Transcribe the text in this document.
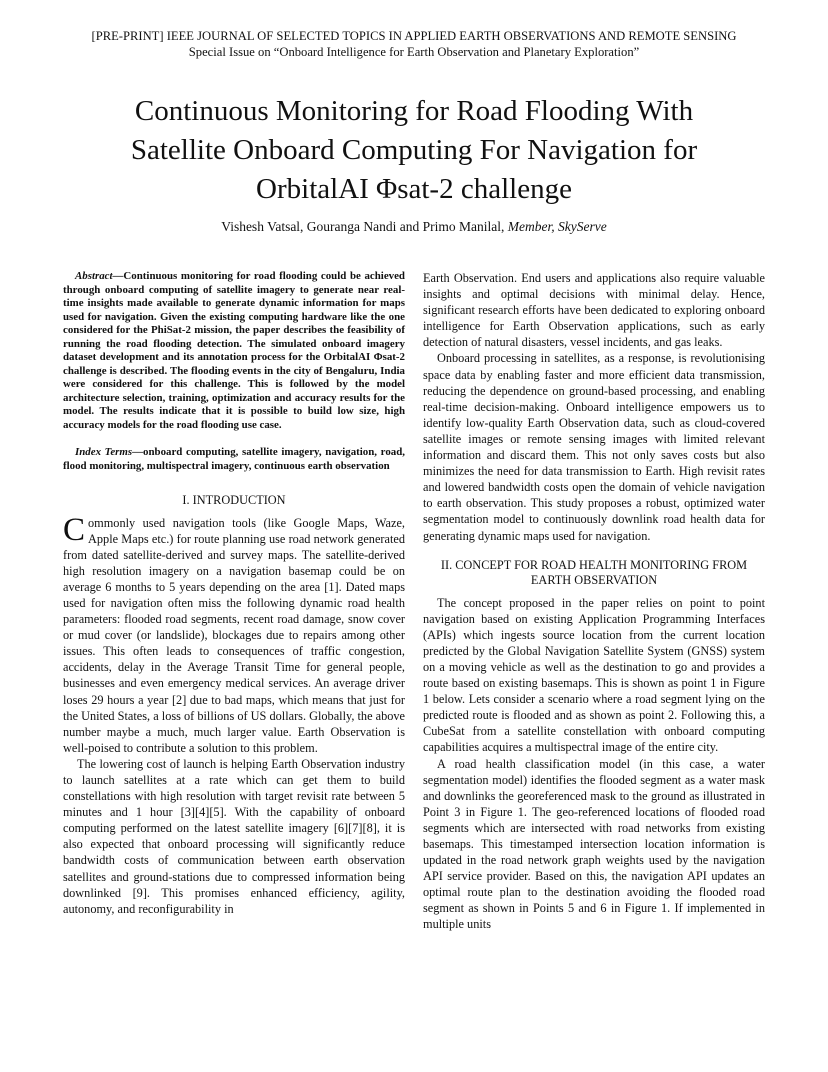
[PRE-PRINT] IEEE JOURNAL OF SELECTED TOPICS IN APPLIED EARTH OBSERVATIONS AND REMOTE SENSING
Special Issue on “Onboard Intelligence for Earth Observation and Planetary Exploration”
Continuous Monitoring for Road Flooding With
Satellite Onboard Computing For Navigation for
OrbitalAI Φsat-2 challenge
Vishesh Vatsal, Gouranga Nandi and Primo Manilal, Member, SkyServe

Abstract—Continuous monitoring for road flooding could be achieved through onboard computing of satellite imagery to generate near real-time insights made available to generate dynamic information for maps used for navigation. Given the existing computing hardware like the one considered for the PhiSat-2 mission, the paper describes the feasibility of running the road flooding detection. The simulated onboard imagery dataset development and its annotation process for the OrbitalAI Φsat-2 challenge is described. The flooding events in the city of Bengaluru, India were considered for this challenge. This is followed by the model architecture selection, training, optimization and accuracy results for the model. The results indicate that it is possible to build low size, high accuracy models for the road flooding use case.

Index Terms—onboard computing, satellite imagery, navigation, road, flood monitoring, multispectral imagery, continuous earth observation

I. INTRODUCTION

Commonly used navigation tools (like Google Maps, Waze, Apple Maps etc.) for route planning use road network generated from dated satellite-derived and survey maps. The satellite-derived high resolution imagery on a navigation basemap could be on average 6 months to 5 years depending on the area [1]. Dated maps used for navigation often miss the following dynamic road health parameters: flooded road segments, recent road damage, snow cover or mud cover (or landslide), blockages due to repairs among other issues. This often leads to consequences of traffic congestion, accidents, delay in the Average Transit Time for general people, businesses and even emergency medical services. An average driver loses 29 hours a year [2] due to bad maps, which means that just for the United States, a loss of billions of US dollars. Globally, the above number maybe a much, much larger value. Earth Observation is well-poised to contribute a solution to this problem.

The lowering cost of launch is helping Earth Observation industry to launch satellites at a rate which can get them to build constellations with high resolution with target revisit rate between 5 minutes and 1 hour [3][4][5]. With the capability of onboard computing performed on the latest satellite imagery [6][7][8], it is also expected that onboard processing will significantly reduce bandwidth costs of communication between earth observation satellites and ground-stations due to compressed information being downlinked [9]. This promises enhanced efficiency, agility, autonomy, and reconfigurability in

Earth Observation. End users and applications also require valuable insights and optimal decisions with minimal delay. Hence, significant research efforts have been dedicated to exploring onboard intelligence for Earth Observation applications, such as early detection of natural disasters, vessel incidents, and gas leaks.

Onboard processing in satellites, as a response, is revolutionising space data by enabling faster and more efficient data transmission, reducing the dependence on ground-based processing, and enabling real-time decision-making. Onboard intelligence empowers us to identify low-quality Earth Observation data, such as cloud-covered satellite images or remote sensing images with limited relevant information and discard them. This not only saves costs but also minimizes the need for data transmission to Earth. High revisit rates and lowered bandwidth costs open the domain of vehicle navigation to earth observation. This study proposes a robust, optimized water segmentation model to continuously downlink road health data for generating dynamic maps used for navigation.

II. CONCEPT FOR ROAD HEALTH MONITORING FROM
EARTH OBSERVATION

The concept proposed in the paper relies on point to point navigation based on existing Application Programming Interfaces (APIs) which ingests source location from the current location predicted by the Global Navigation Satellite System (GNSS) system on a moving vehicle as well as the destination to go and provides a route based on existing basemaps. This is shown as point 1 in Figure 1 below. Lets consider a scenario where a road segment lying on the predicted route is flooded and as shown as point 2. Following this, a CubeSat from a satellite constellation with onboard computing capabilities acquires a multispectral image of the entire city.

A road health classification model (in this case, a water segmentation model) identifies the flooded segment as a water mask and downlinks the georeferenced mask to the ground as illustrated in Point 3 in Figure 1. The geo-referenced locations of flooded road segments which are intersected with road networks from existing basemaps. This timestamped intersection location information is updated in the road network graph weights used by the navigation API service provider. Based on this, the navigation API updates an optimal route plan to the destination avoiding the flooded road segment as shown in Points 5 and 6 in Figure 1. If implemented in multiple units
